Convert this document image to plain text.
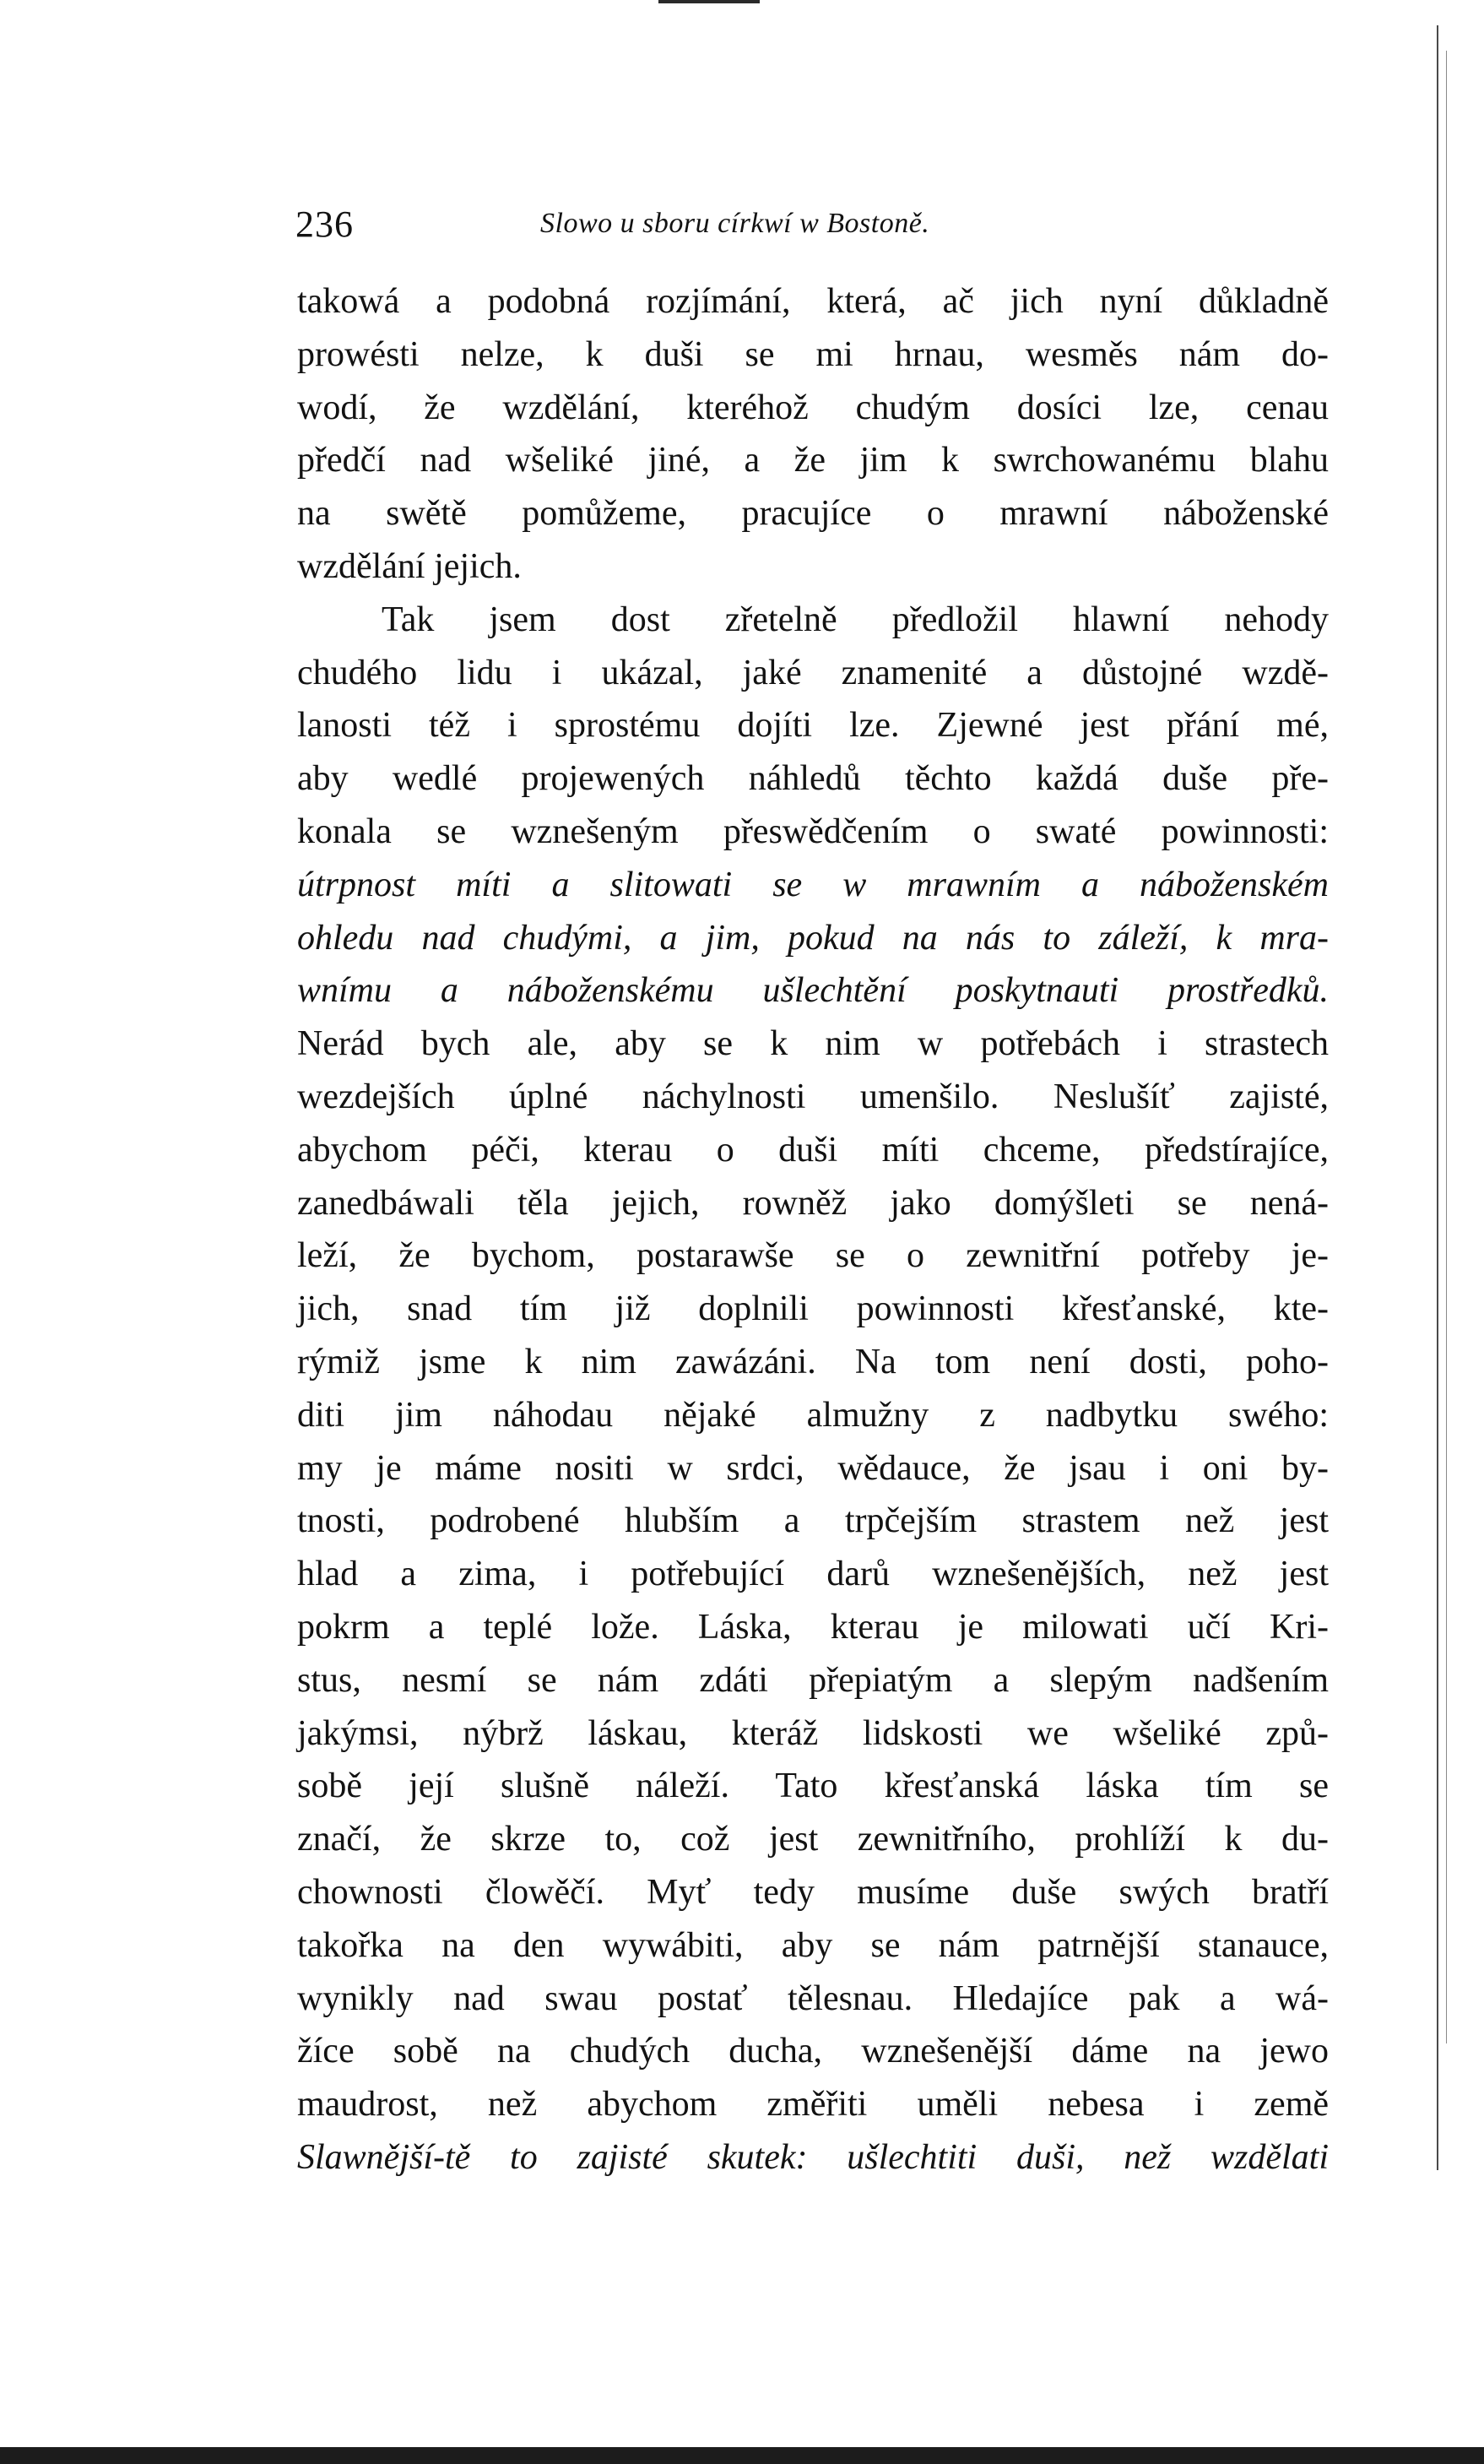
236	Slowo u sboru církwí w Bostoně.
takowá a podobná rozjímání, která, ač jich nyní důkladně
prowésti nelze, k duši se mi hrnau, wesměs nám do-
wodí, že wzdělání, kteréhož chudým dosíci lze, cenau
předčí nad wšeliké jiné, a že jim k swrchowanému blahu
na swětě pomůžeme, pracujíce o mrawní náboženské
wzdělání jejich.
Tak jsem dost zřetelně předložil hlawní nehody
chudého lidu i ukázal, jaké znamenité a důstojné wzdě-
lanosti též i sprostému dojíti lze. Zjewné jest přání mé,
aby wedlé projewených náhledů těchto každá duše pře-
konala se wznešeným přeswědčením o swaté powinnosti:
útrpnost míti a slitowati se w mrawním a náboženském
ohledu nad chudými, a jim, pokud na nás to záleží, k mra-
wnímu a náboženskému ušlechtění poskytnauti prostředků.
Nerád bych ale, aby se k nim w potřebách i strastech
wezdejších úplné náchylnosti umenšilo. Neslušíť zajisté,
abychom péči, kterau o duši míti chceme, předstírajíce,
zanedbáwali těla jejich, rowněž jako domýšleti se nená-
leží, že bychom, postarawše se o zewnitřní potřeby je-
jich, snad tím již doplnili powinnosti křesťanské, kte-
rýmiž jsme k nim zawázáni. Na tom není dosti, poho-
diti jim náhodau nějaké almužny z nadbytku swého:
my je máme nositi w srdci, wědauce, že jsau i oni by-
tnosti, podrobené hlubším a trpčejším strastem než jest
hlad a zima, i potřebující darů wznešenějších, než jest
pokrm a teplé lože. Láska, kterau je milowati učí Kri-
stus, nesmí se nám zdáti přepiatým a slepým nadšením
jakýmsi, nýbrž láskau, kteráž lidskosti we wšeliké způ-
sobě její slušně náleží. Tato křesťanská láska tím se
značí, že skrze to, což jest zewnitřního, prohlíží k du-
chownosti člowěčí. Myť tedy musíme duše swých bratří
takořka na den wywábiti, aby se nám patrnější stanauce,
wynikly nad swau postať tělesnau. Hledajíce pak a wá-
žíce sobě na chudých ducha, wznešenější dáme na jewo
maudrost, než abychom změřiti uměli nebesa i země
Slawnější-tě to zajisté skutek: ušlechtiti duši, než wzdělati
